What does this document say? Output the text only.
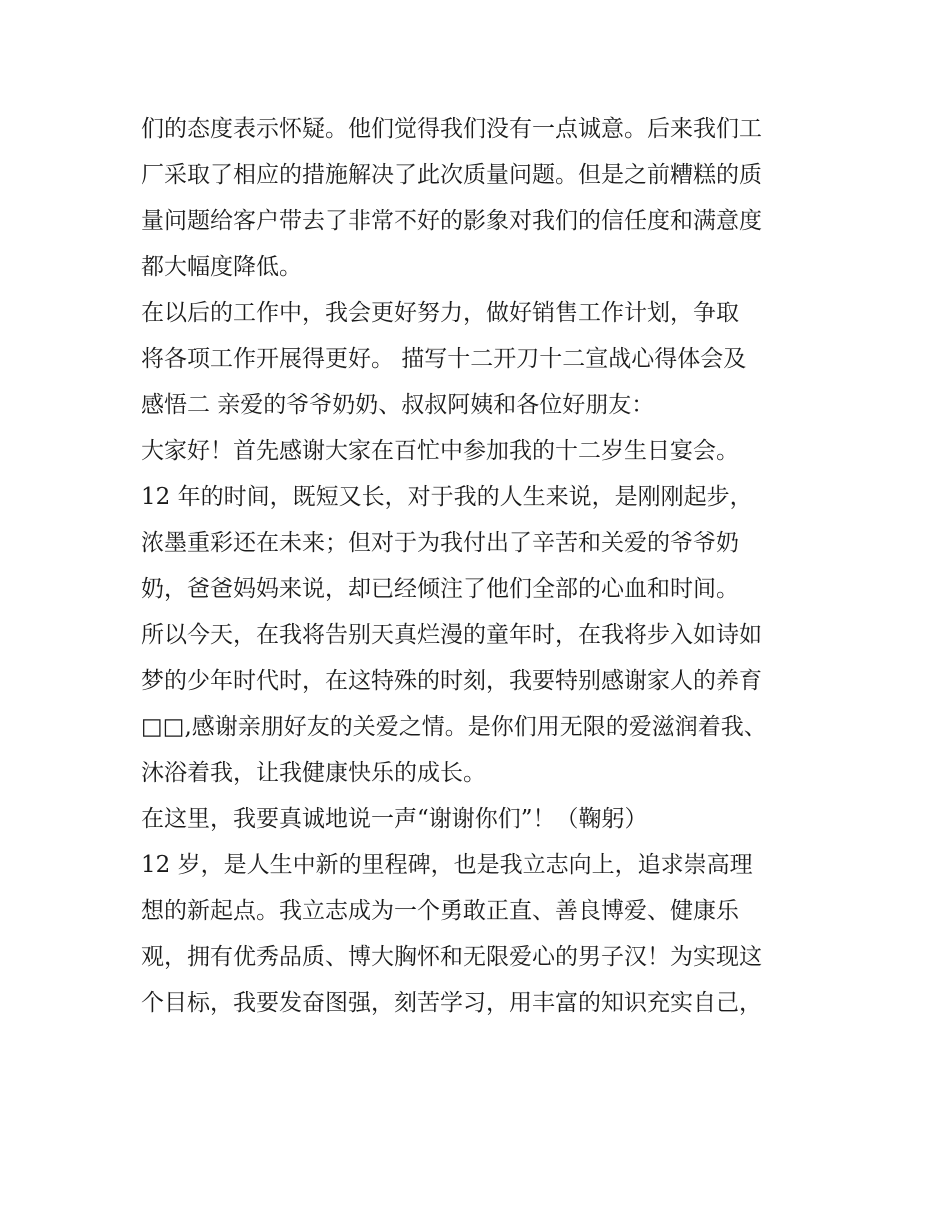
们的态度表示怀疑。他们觉得我们没有一点诚意。后来我们工
厂采取了相应的措施解决了此次质量问题。但是之前糟糕的质
量问题给客户带去了非常不好的影象对我们的信任度和满意度
都大幅度降低。
在以后的工作中，我会更好努力，做好销售工作计划，争取
将各项工作开展得更好。 描写十二开刀十二宣战心得体会及
感悟二 亲爱的爷爷奶奶、叔叔阿姨和各位好朋友：
大家好！首先感谢大家在百忙中参加我的十二岁生日宴会。
12 年的时间，既短又长，对于我的人生来说，是刚刚起步，
浓墨重彩还在未来；但对于为我付出了辛苦和关爱的爷爷奶
奶，爸爸妈妈来说，却已经倾注了他们全部的心血和时间。
所以今天，在我将告别天真烂漫的童年时，在我将步入如诗如
梦的少年时代时，在这特殊的时刻，我要特别感谢家人的养育
□□,感谢亲朋好友的关爱之情。是你们用无限的爱滋润着我、
沐浴着我，让我健康快乐的成长。
在这里，我要真诚地说一声“谢谢你们”！（鞠躬）
12 岁，是人生中新的里程碑，也是我立志向上，追求崇高理
想的新起点。我立志成为一个勇敢正直、善良博爱、健康乐
观，拥有优秀品质、博大胸怀和无限爱心的男子汉！为实现这
个目标，我要发奋图强，刻苦学习，用丰富的知识充实自己，
